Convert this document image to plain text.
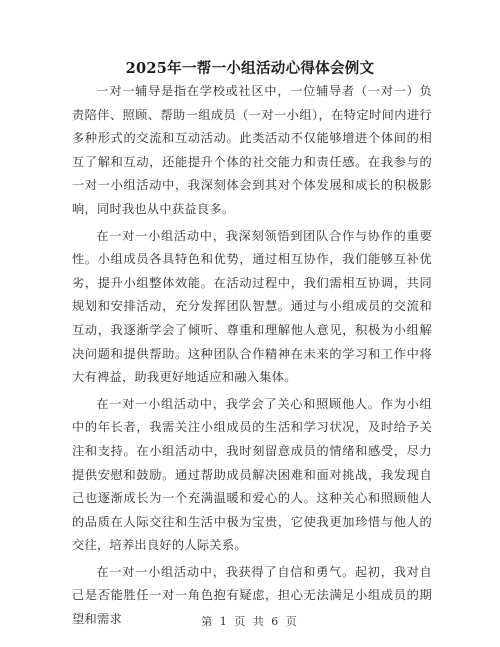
2025年一帮一小组活动心得体会例文

一对一辅导是指在学校或社区中，一位辅导者（一对一）负责陪伴、照顾、帮助一组成员（一对一小组），在特定时间内进行多种形式的交流和互动活动。此类活动不仅能够增进个体间的相互了解和互动，还能提升个体的社交能力和责任感。在我参与的一对一小组活动中，我深刻体会到其对个体发展和成长的积极影响，同时我也从中获益良多。

在一对一小组活动中，我深刻领悟到团队合作与协作的重要性。小组成员各具特色和优势，通过相互协作，我们能够互补优劣，提升小组整体效能。在活动过程中，我们需相互协调，共同规划和安排活动，充分发挥团队智慧。通过与小组成员的交流和互动，我逐渐学会了倾听、尊重和理解他人意见，积极为小组解决问题和提供帮助。这种团队合作精神在未来的学习和工作中将大有裨益，助我更好地适应和融入集体。

在一对一小组活动中，我学会了关心和照顾他人。作为小组中的年长者，我需关注小组成员的生活和学习状况，及时给予关注和支持。在小组活动中，我时刻留意成员的情绪和感受，尽力提供安慰和鼓励。通过帮助成员解决困难和面对挑战，我发现自己也逐渐成长为一个充满温暖和爱心的人。这种关心和照顾他人的品质在人际交往和生活中极为宝贵，它使我更加珍惜与他人的交往，培养出良好的人际关系。

在一对一小组活动中，我获得了自信和勇气。起初，我对自己是否能胜任一对一角色抱有疑虑，担心无法满足小组成员的期望和需求	第 1 页 共 6 页
